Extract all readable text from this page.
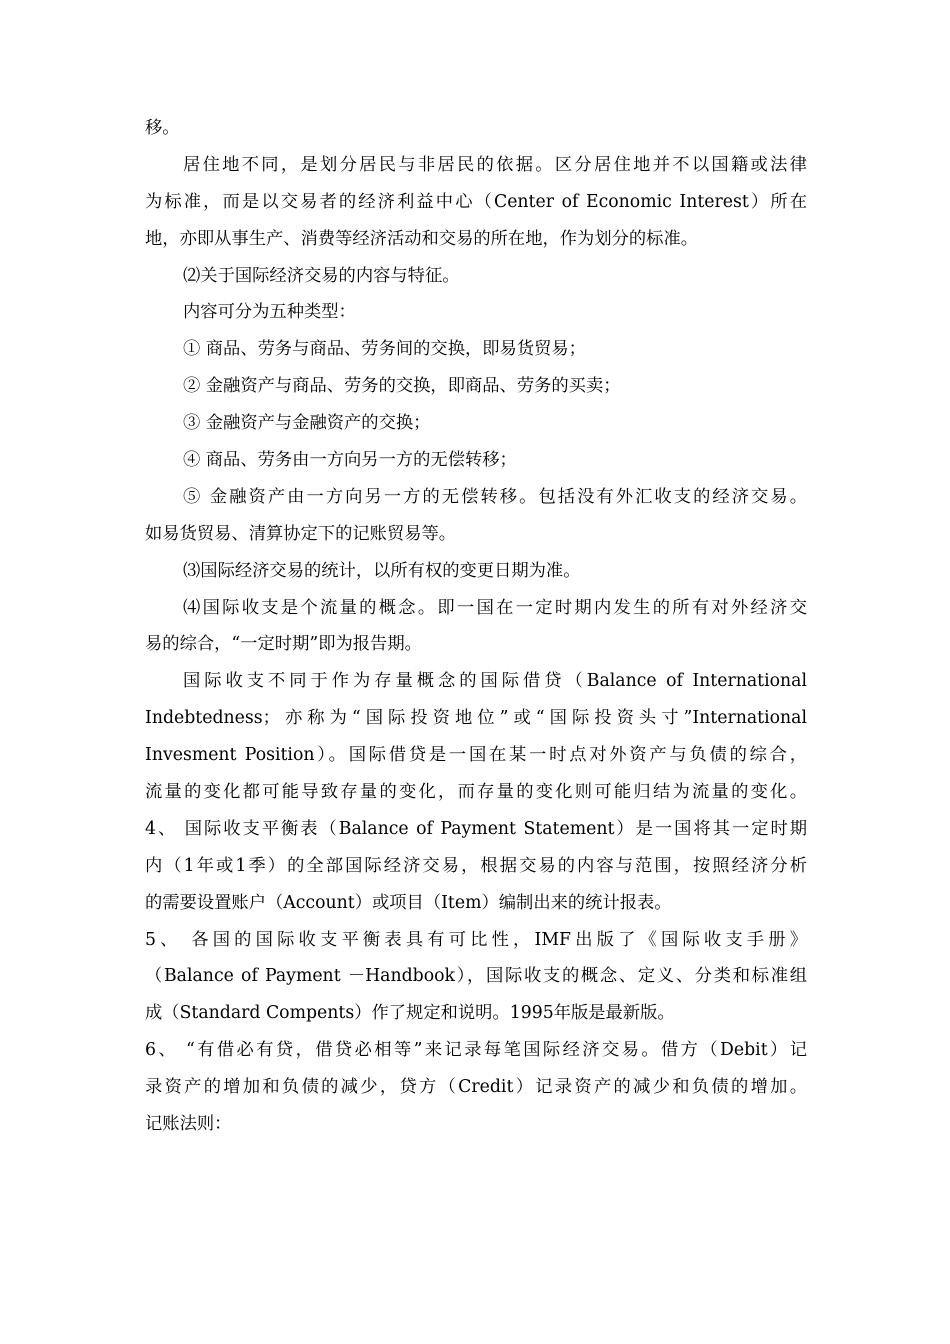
移。
居住地不同，是划分居民与非居民的依据。区分居住地并不以国籍或法律
为标准，而是以交易者的经济利益中心（Center of Economic Interest）所在
地，亦即从事生产、消费等经济活动和交易的所在地，作为划分的标准。
⑵关于国际经济交易的内容与特征。
内容可分为五种类型：
① 商品、劳务与商品、劳务间的交换，即易货贸易；
② 金融资产与商品、劳务的交换，即商品、劳务的买卖；
③ 金融资产与金融资产的交换；
④ 商品、劳务由一方向另一方的无偿转移；
⑤ 金融资产由一方向另一方的无偿转移。包括没有外汇收支的经济交易。
如易货贸易、清算协定下的记账贸易等。
⑶国际经济交易的统计，以所有权的变更日期为准。
⑷国际收支是个流量的概念。即一国在一定时期内发生的所有对外经济交
易的综合，“一定时期”即为报告期。
国际收支不同于作为存量概念的国际借贷（Balance of International
Indebtedness；亦称为“国际投资地位”或“国际投资头寸”International
Invesment Position）。国际借贷是一国在某一时点对外资产与负债的综合，
流量的变化都可能导致存量的变化，而存量的变化则可能归结为流量的变化。
4、 国际收支平衡表（Balance of Payment Statement）是一国将其一定时期
内（1年或1季）的全部国际经济交易，根据交易的内容与范围，按照经济分析
的需要设置账户（Account）或项目（Item）编制出来的统计报表。
5、 各国的国际收支平衡表具有可比性，IMF出版了《国际收支手册》
（Balance of Payment －Handbook），国际收支的概念、定义、分类和标准组
成（Standard Compents）作了规定和说明。1995年版是最新版。
6、 “有借必有贷，借贷必相等”来记录每笔国际经济交易。借方（Debit）记
录资产的增加和负债的减少，贷方（Credit）记录资产的减少和负债的增加。
记账法则：
